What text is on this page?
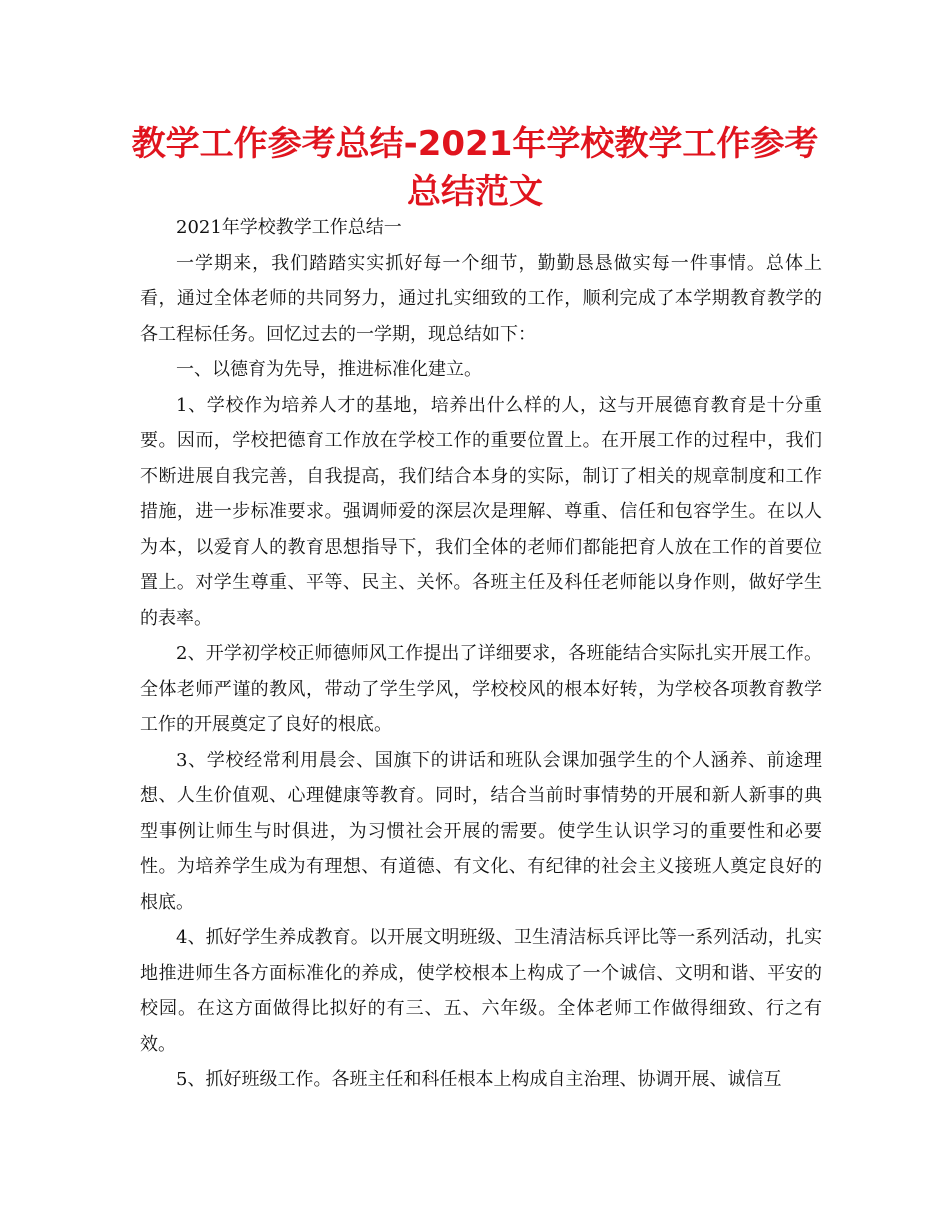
教学工作参考总结-2021年学校教学工作参考总结范文

2021年学校教学工作总结一

一学期来，我们踏踏实实抓好每一个细节，勤勤恳恳做实每一件事情。总体上看，通过全体老师的共同努力，通过扎实细致的工作，顺利完成了本学期教育教学的各工程标任务。回忆过去的一学期，现总结如下：

一、以德育为先导，推进标准化建立。

1、学校作为培养人才的基地，培养出什么样的人，这与开展德育教育是十分重要。因而，学校把德育工作放在学校工作的重要位置上。在开展工作的过程中，我们不断进展自我完善，自我提高，我们结合本身的实际，制订了相关的规章制度和工作措施，进一步标准要求。强调师爱的深层次是理解、尊重、信任和包容学生。在以人为本，以爱育人的教育思想指导下，我们全体的老师们都能把育人放在工作的首要位置上。对学生尊重、平等、民主、关怀。各班主任及科任老师能以身作则，做好学生的表率。

2、开学初学校正师德师风工作提出了详细要求，各班能结合实际扎实开展工作。全体老师严谨的教风，带动了学生学风，学校校风的根本好转，为学校各项教育教学工作的开展奠定了良好的根底。

3、学校经常利用晨会、国旗下的讲话和班队会课加强学生的个人涵养、前途理想、人生价值观、心理健康等教育。同时，结合当前时事情势的开展和新人新事的典型事例让师生与时俱进，为习惯社会开展的需要。使学生认识学习的重要性和必要性。为培养学生成为有理想、有道德、有文化、有纪律的社会主义接班人奠定良好的根底。

4、抓好学生养成教育。以开展文明班级、卫生清洁标兵评比等一系列活动，扎实地推进师生各方面标准化的养成，使学校根本上构成了一个诚信、文明和谐、平安的校园。在这方面做得比拟好的有三、五、六年级。全体老师工作做得细致、行之有效。

5、抓好班级工作。各班主任和科任根本上构成自主治理、协调开展、诚信互
